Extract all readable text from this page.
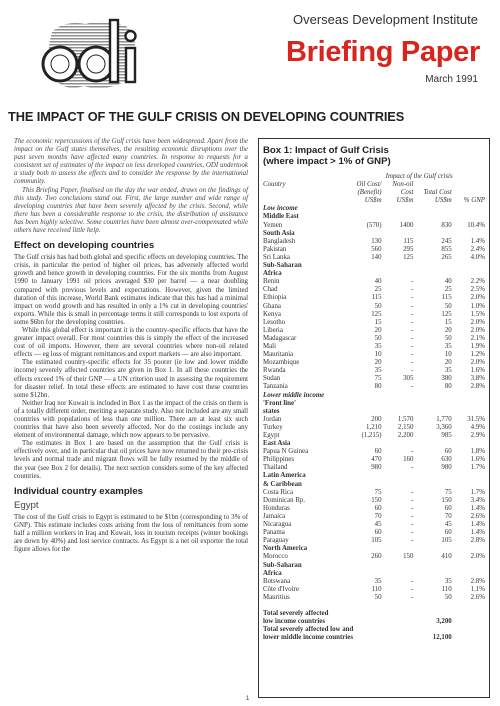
odi	Overseas Development Institute
Briefing Paper
March 1991
THE IMPACT OF THE GULF CRISIS ON DEVELOPING COUNTRIES

The economic repercussions of the Gulf crisis have been widespread. Apart from the impact on the Gulf states themselves, the resulting economic disruptions over the past seven months have affected many countries. In response to requests for a consistent set of estimates of the impact on less developed countries, ODI undertook a study both to assess the effects and to consider the response by the international community.

This Briefing Paper, finalised on the day the war ended, draws on the findings of this study. Two conclusions stand out. First, the large number and wide range of developing countries that have been severely affected by the crisis. Second, while there has been a considerable response to the crisis, the distribution of assistance has been highly selective. Some countries have been almost over-compensated while others have received little help.

Effect on developing countries

The Gulf crisis has had both global and specific effects on developing countries. The crisis, in particular the period of higher oil prices, has adversely affected world growth and hence growth in developing countries. For the six months from August 1990 to January 1991 oil prices averaged $30 per barrel — a near doubling compared with previous levels and expectations. However, given the limited duration of this increase, World Bank estimates indicate that this has had a minimal impact on world growth and has resulted in only a 1% cut in developing countries' exports. While this is small in percentage terms it still corresponds to lost exports of some $6bn for the developing countries.

While this global effect is important it is the country-specific effects that have the greater impact overall. For most countries this is simply the effect of the increased cost of oil imports. However, there are several countries where non-oil related effects — eg loss of migrant remittances and export markets — are also important.

The estimated country-specific effects for 35 poorer (ie low and lower middle income) severely affected countries are given in Box 1. In all these countries the effects exceed 1% of their GNP — a UN criterion used in assessing the requirement for disaster relief. In total these effects are estimated to have cost these countries some $12bn.

Neither Iraq nor Kuwait is included in Box 1 as the impact of the crisis on them is of a totally different order, meriting a separate study. Also not included are any small countries with populations of less than one million. There are at least six such countries that have also been severely affected. Nor do the costings include any element of environmental damage, which now appears to be pervasive.

The estimates in Box 1 are based on the assumption that the Gulf crisis is effectively over, and in particular that oil prices have now returned to their pre-crisis levels and normal trade and migrant flows will be fully resumed by the middle of the year (see Box 2 for details). The next section considers some of the key affected countries.

Individual country examples
Egypt

The cost of the Gulf crisis to Egypt is estimated to be $1bn (corresponding to 3% of GNP). This estimate includes costs arising from the loss of remittances from some half a million workers in Iraq and Kuwait, loss in tourism receipts (winter bookings are down by 40%) and lost service contracts. As Egypt is a net oil exporter the total figure allows for the

Box 1: Impact of Gulf Crisis
(where impact > 1% of GNP)
	Impact of the Gulf crisis			
Country	Oil Cost/	Non-oil		
	(Benefit)	Cost	Total Cost	
	US$m	US$m	US$m	% GNP
Low income				
Middle East				
Yemen	(570)	1400	830	10.4%
South Asia				
Bangladesh	130	115	245	1.4%
Pakistan	560	295	855	2.4%
Sri Lanka	140	125	265	4.0%
Sub-Saharan				
Africa				
Benin	40	-	40	2.2%
Chad	25	-	25	2.5%
Ethiopia	115	-	115	2.0%
Ghana	50	-	50	1.0%
Kenya	125	-	125	1.5%
Lesotho	15	-	15	2.0%
Liberia	20	-	20	2.0%
Madagascar	50	-	50	2.1%
Mali	35	-	35	1.9%
Mauritania	10	-	10	1.2%
Mozambique	20	-	20	2.0%
Rwanda	35	-	35	1.6%
Sudan	75	305	380	3.8%
Tanzania	80	-	80	2.8%
Lower middle income				
'Front line'				
states				
Jordan	200	1,570	1,770	31.5%
Turkey	1,210	2,150	3,360	4.9%
Egypt	(1,215)	2,200	985	2.9%
East Asia				
Papua N Guinea	60	-	60	1.8%
Philippines	470	160	630	1.6%
Thailand	980	-	980	1.7%
Latin America				
& Caribbean				
Costa Rica	75	-	75	1.7%
Dominican Rp.	150	-	150	3.4%
Honduras	60	-	60	1.4%
Jamaica	70	-	70	2.6%
Nicaragua	45	-	45	1.4%
Panama	60	-	60	1.4%
Paraguay	105	-	105	2.8%
North America				
Morocco	260	150	410	2.0%
Sub-Saharan				
Africa				
Botswana	35	-	35	2.8%
Côte d'Ivoire	110	-	110	1.1%
Mauritius	50	-	50	2.6%

Total severely affected				
low income countries			3,200	
Total severely affected low and				
lower middle income countries			12,100	
1
